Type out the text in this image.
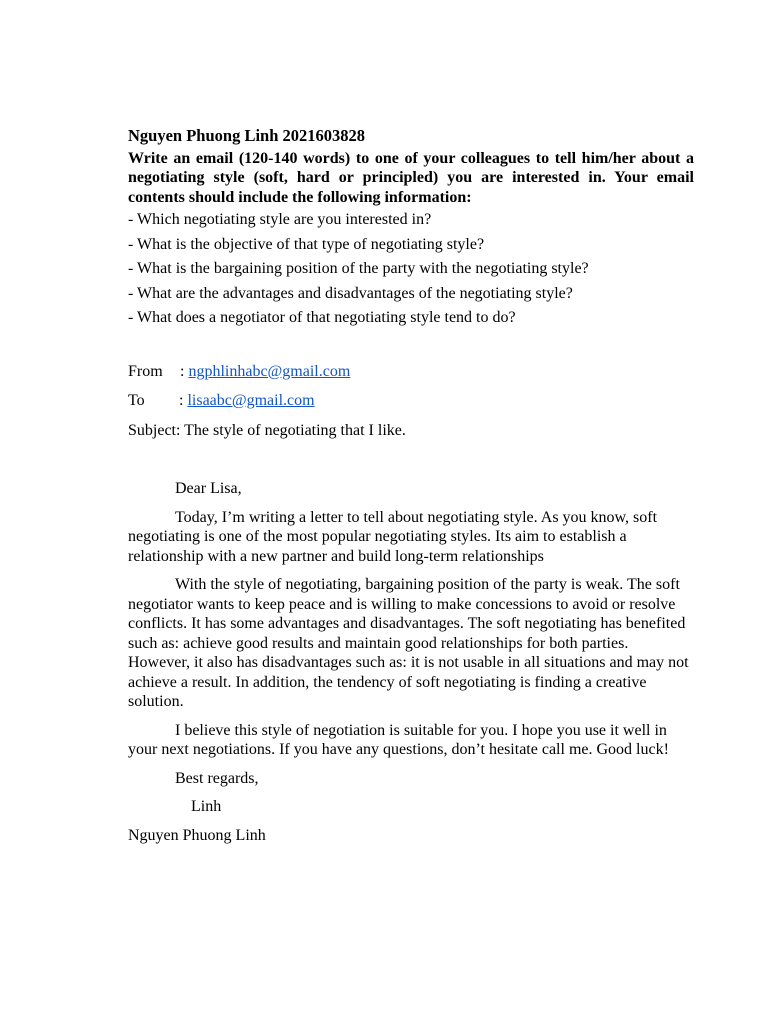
Nguyen Phuong Linh 2021603828

Write an email (120-140 words) to one of your colleagues to tell him/her about a negotiating style (soft, hard or principled) you are interested in. Your email contents should include the following information:

- Which negotiating style are you interested in?

- What is the objective of that type of negotiating style?

- What is the bargaining position of the party with the negotiating style?

- What are the advantages and disadvantages of the negotiating style?

- What does a negotiator of that negotiating style tend to do?

From : ngphlinhabc@gmail.com

To : lisaabc@gmail.com

Subject: The style of negotiating that I like.

Dear Lisa,

Today, I’m writing a letter to tell about negotiating style. As you know, soft negotiating is one of the most popular negotiating styles. Its aim to establish a relationship with a new partner and build long-term relationships

With the style of negotiating, bargaining position of the party is weak. The soft negotiator wants to keep peace and is willing to make concessions to avoid or resolve conflicts. It has some advantages and disadvantages. The soft negotiating has benefited such as: achieve good results and maintain good relationships for both parties. However, it also has disadvantages such as: it is not usable in all situations and may not achieve a result. In addition, the tendency of soft negotiating is finding a creative solution.

I believe this style of negotiation is suitable for you. I hope you use it well in your next negotiations. If you have any questions, don’t hesitate call me. Good luck!

Best regards,

Linh

Nguyen Phuong Linh
